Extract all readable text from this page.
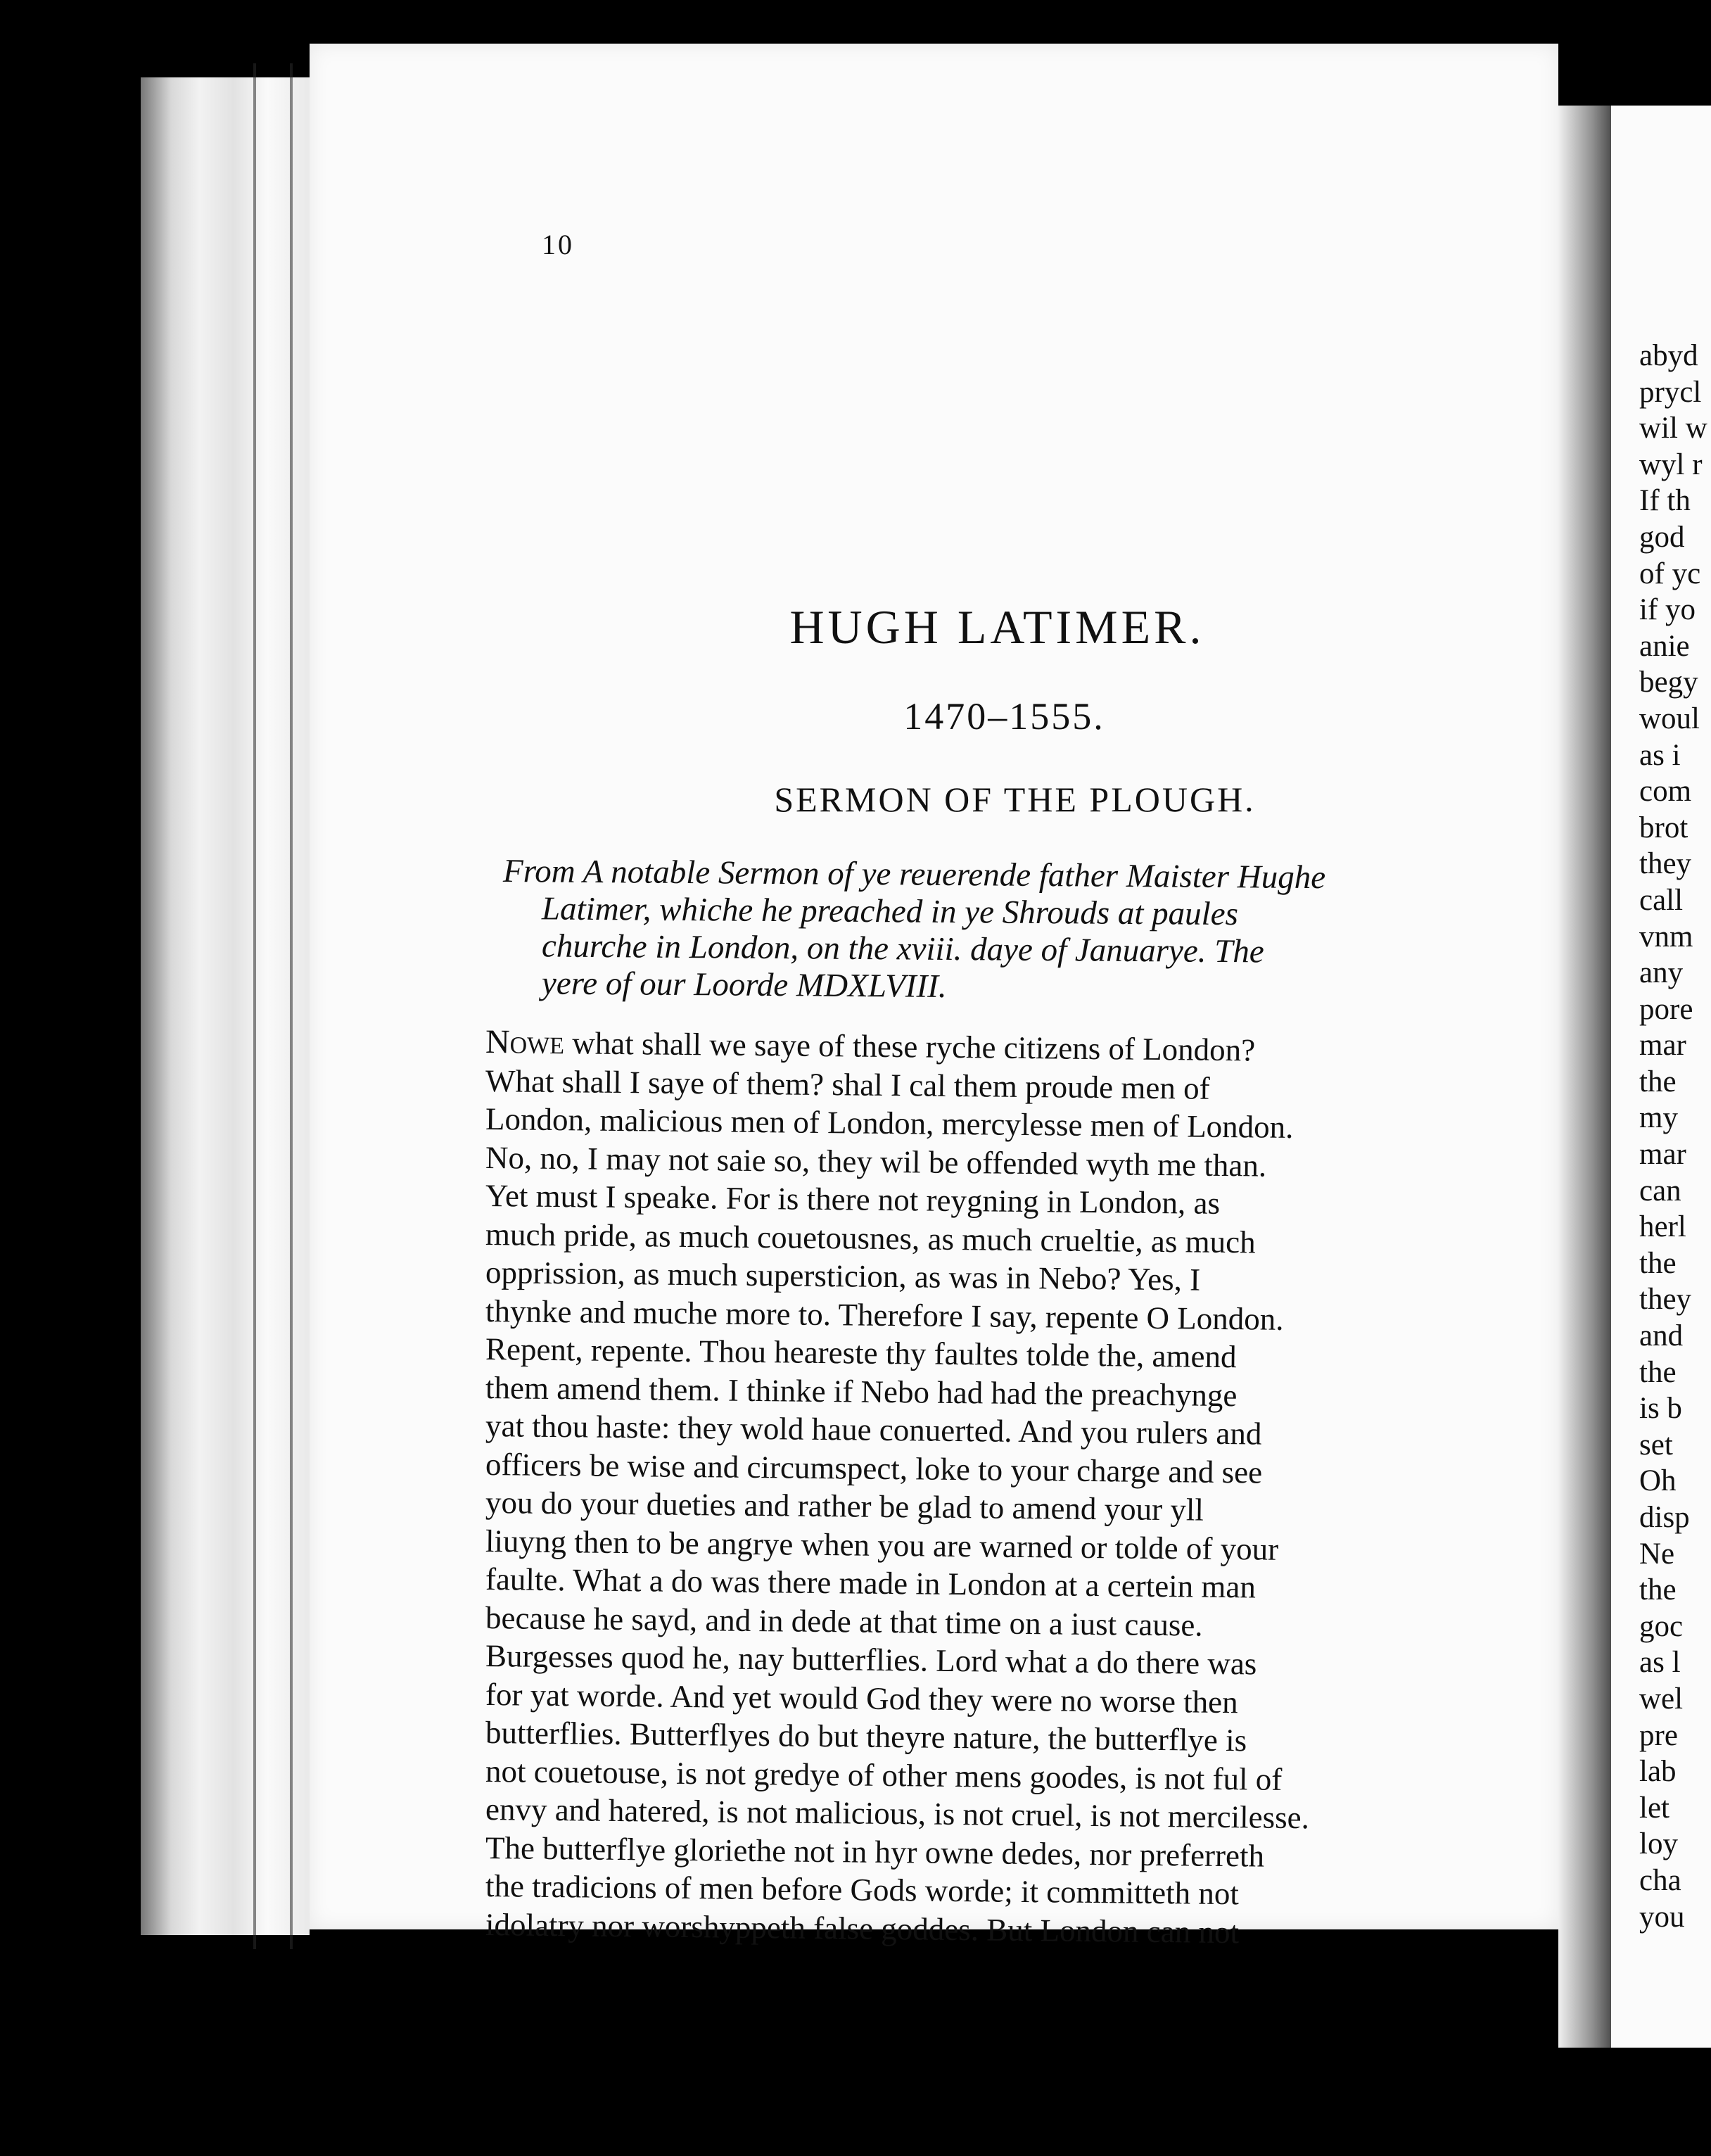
10
HUGH LATIMER.
1470–1555.
SERMON OF THE PLOUGH.
From A notable Sermon of ye reuerende father Maister Hughe
Latimer, whiche he preached in ye Shrouds at paules
churche in London, on the xviii. daye of Januarye. The
yere of our Loorde MDXLVIII.
Nowe what shall we saye of these ryche citizens of London?
What shall I saye of them? shal I cal them proude men of
London, malicious men of London, mercylesse men of London.
No, no, I may not saie so, they wil be offended wyth me than.
Yet must I speake. For is there not reygning in London, as
much pride, as much couetousnes, as much crueltie, as much
opprission, as much supersticion, as was in Nebo? Yes, I
thynke and muche more to. Therefore I say, repente O London.
Repent, repente. Thou heareste thy faultes tolde the, amend
them amend them. I thinke if Nebo had had the preachynge
yat thou haste: they wold haue conuerted. And you rulers and
officers be wise and circumspect, loke to your charge and see
you do your dueties and rather be glad to amend your yll
liuyng then to be angrye when you are warned or tolde of your
faulte. What a do was there made in London at a certein man
because he sayd, and in dede at that time on a iust cause.
Burgesses quod he, nay butterflies. Lord what a do there was
for yat worde. And yet would God they were no worse then
butterflies. Butterflyes do but theyre nature, the butterflye is
not couetouse, is not gredye of other mens goodes, is not ful of
envy and hatered, is not malicious, is not cruel, is not mercilesse.
The butterflye gloriethe not in hyr owne dedes, nor preferreth
the tradicions of men before Gods worde; it committeth not
idolatry nor worshyppeth false goddes. But London can not
abyd
prycl
wil w
wyl r
If th
god
of yc
if yo
anie
begy
woul
as i
com
brot
they
call
vnm
any
pore
mar
the
my
mar
can
herl
the
they
and
the
is b
set
Oh
disp
Ne
the
goc
as l
wel
pre
lab
let
loy
cha
you
